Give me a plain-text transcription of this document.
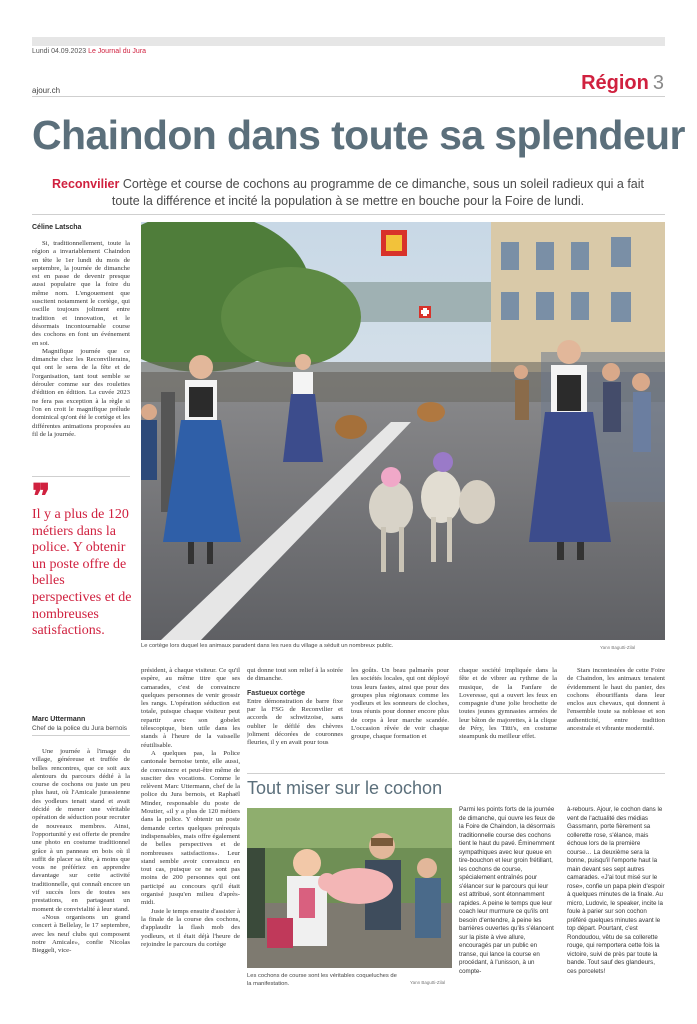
Lundi 04.09.2023 Le Journal du Jura
ajour.ch	Région 3
Chaindon dans toute sa splendeur
Reconvilier Cortège et course de cochons au programme de ce dimanche, sous un soleil radieux qui a fait toute la différence et incité la population à se mettre en bouche pour la Foire de lundi.
Céline Latscha

Si, traditionnellement, toute la région a invariablement Chaindon en tête le 1er lundi du mois de septembre, la journée de dimanche est en passe de devenir presque aussi populaire que la foire du même nom. L'engouement que suscitent notamment le cortège, qui oscille toujours joliment entre tradition et innovation, et le désormais incontournable course des cochons en font un événement en soi.

Magnifique journée que ce dimanche chez les Reconvilierains, qui ont le sens de la fête et de l'organisation, tant tout semble se dérouler comme sur des roulettes d'édition en édition. La cuvée 2023 ne fera pas exception à la règle si l'on en croit le magnifique prélude dominical qu'ont été le cortège et les différentes animations proposées au fil de la journée.

❞
Il y a plus de 120 métiers dans la police. Y obtenir un poste offre de belles perspectives et de nombreuses satisfactions.
Marc Uttermann
Chef de la police du Jura bernois

Une journée à l'image du village, généreuse et truffée de belles rencontres, que ce soit aux alentours du parcours dédié à la course de cochons ou juste un peu plus haut, où l'Amicale jurassienne des yodleurs tenait stand et avait décidé de mener une véritable opération de séduction pour recruter de nouveaux membres. Ainsi, l'opportunité y est offerte de prendre une photo en costume traditionnel grâce à un panneau en bois où il suffit de placer sa tête, à moins que vous ne préfériez en apprendre davantage sur cette activité traditionnelle, qui connaît encore un vif succès lors de toutes ses prestations, en partageant un moment de convivialité à leur stand.

«Nous organisons un grand concert à Bellelay, le 17 septembre, avec les neuf clubs qui composent notre Amicale», confie Nicolas Bieggeli, vice-

Le cortège lors duquel les animaux paradent dans les rues du village a séduit un nombreux public.	Yann Bagutti-Zilal

président, à chaque visiteur. Ce qu'il espère, au même titre que ses camarades, c'est de convaincre quelques personnes de venir grossir les rangs. L'opération séduction est totale, puisque chaque visiteur peut repartir avec son gobelet télescopique, bien utile dans les stands à l'heure de la vaisselle réutilisable.

A quelques pas, la Police cantonale bernoise tente, elle aussi, de convaincre et peut-être même de susciter des vocations. Comme le relèvent Marc Uttermann, chef de la police du Jura bernois, et Raphaël Minder, responsable du poste de Moutier, «il y a plus de 120 métiers dans la police. Y obtenir un poste demande certes quelques prérequis indispensables, mais offre également de belles perspectives et de nombreuses satisfactions». Leur stand semble avoir convaincu en tout cas, puisque ce ne sont pas moins de 200 personnes qui ont participé au concours qu'il était organisé jusqu'en milieu d'après-midi.

Juste le temps ensuite d'assister à la finale de la course des cochons, d'applaudir la flash mob des yodleurs, et il était déjà l'heure de rejoindre le parcours du cortège

qui donne tout son relief à la soirée de dimanche.

Fastueux cortège

Entre démonstration de barre fixe par la FSG de Reconvilier et accords de schwitzoise, sans oublier le défilé des chèvres joliment décorées de couronnes fleuries, il y en avait pour tous

les goûts. Un beau palmarès pour les sociétés locales, qui ont déployé tous leurs fastes, ainsi que pour des groupes plus régionaux comme les yodleurs et les sonneurs de cloches, tous réunis pour donner encore plus de corps à leur marche scandée. L'occasion rêvée de voir chaque groupe, chaque formation et

chaque société impliquée dans la fête et de vibrer au rythme de la musique, de la Fanfare de Loveresse, qui a ouvert les feux en compagnie d'une jolie brochette de toutes jeunes gymnastes armées de leur bâton de majorettes, à la clique de Péry, les Titti's, en costume steampunk du meilleur effet.

Stars incontestées de cette Foire de Chaindon, les animaux tenaient évidemment le haut du panier, des cochons ébouriffants dans leur enclos aux chevaux, qui donnent à l'ensemble toute sa noblesse et son authenticité, entre tradition ancestrale et vibrante modernité.

Tout miser sur le cochon
Les cochons de course sont les véritables coqueluches de la manifestation.	Yann Bagutti-Zilal
Parmi les points forts de la journée de dimanche, qui ouvre les feux de la Foire de Chaindon, la désormais traditionnelle course des cochons tient le haut du pavé. Éminemment sympathiques avec leur queue en tire-bouchon et leur groin frétillant, les cochons de course, spécialement entraînés pour s'élancer sur le parcours qui leur est attribué, sont étonnamment rapides. A peine le temps que leur coach leur murmure ce qu'ils ont besoin d'entendre, à peine les barrières ouvertes qu'ils s'élancent sur la piste à vive allure, encouragés par un public en transe, qui lance la course en procédant, à l'unisson, à un compte-
à-rebours. Ajour, le cochon dans le vent de l'actualité des médias Gassmann, porte fièrement sa collerette rose, s'élance, mais échoue lors de la première course… La deuxième sera la bonne, puisqu'il l'emporte haut la main devant ses sept autres camarades. «J'ai tout misé sur le rose», confie un papa plein d'espoir à quelques minutes de la finale. Au micro, Ludovic, le speaker, incite la foule à parier sur son cochon préféré quelques minutes avant le top départ. Pourtant, c'est Rondoudou, vêtu de sa collerette rouge, qui remportera cette fois la victoire, suivi de près par toute la bande. Tout sauf des glandeurs, ces porcelets!
